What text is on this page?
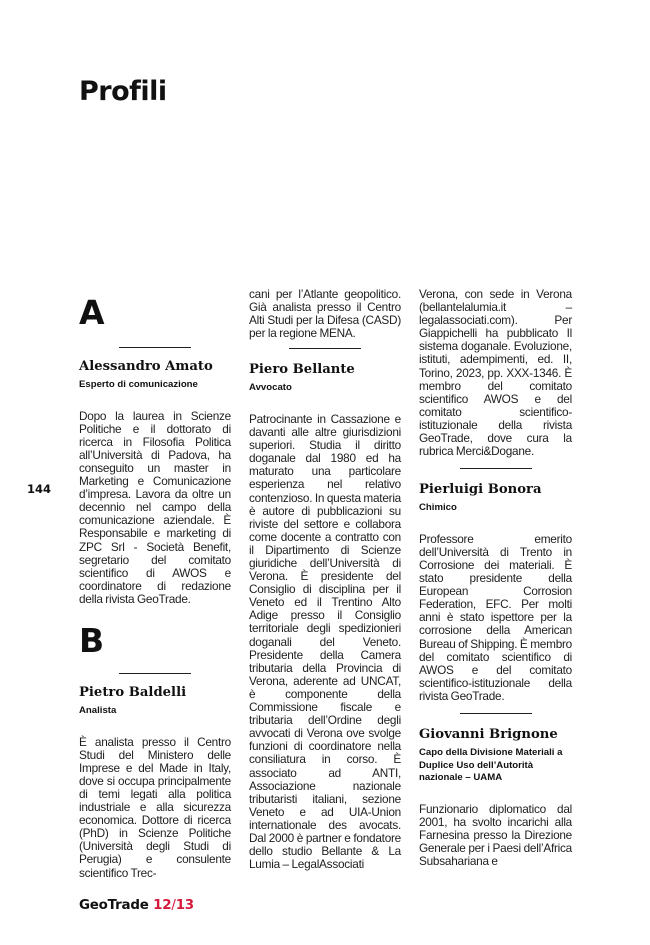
Profili
144
A
Alessandro Amato
Esperto di comunicazione

Dopo la laurea in Scienze Politiche e il dottorato di ricerca in Filosofia Politica all’Università di Padova, ha conseguito un master in Marketing e Comunicazione d’impresa. Lavora da oltre un decennio nel campo della comunicazione aziendale. È Responsabile e marketing di ZPC Srl - Società Benefit, segretario del comitato scientifico di AWOS e coordinatore di redazione della rivista GeoTrade.

B
Pietro Baldelli
Analista

È analista presso il Centro Studi del Ministero delle Imprese e del Made in Italy, dove si occupa principalmente di temi legati alla politica industriale e alla sicurezza economica. Dottore di ricerca (PhD) in Scienze Politiche (Università degli Studi di Perugia) e consulente scientifico Trec-

cani per l’Atlante geopolitico. Già analista presso il Centro Alti Studi per la Difesa (CASD) per la regione MENA.

Piero Bellante
Avvocato

Patrocinante in Cassazione e davanti alle altre giurisdizioni superiori. Studia il diritto doganale dal 1980 ed ha maturato una particolare esperienza nel relativo contenzioso. In questa materia è autore di pubblicazioni su riviste del settore e collabora come docente a contratto con il Dipartimento di Scienze giuridiche dell’Università di Verona. È presidente del Consiglio di disciplina per il Veneto ed il Trentino Alto Adige presso il Consiglio territoriale degli spedizionieri doganali del Veneto. Presidente della Camera tributaria della Provincia di Verona, aderente ad UNCAT, è componente della Commissione fiscale e tributaria dell’Ordine degli avvocati di Verona ove svolge funzioni di coordinatore nella consiliatura in corso. È associato ad ANTI, Associazione nazionale tributaristi italiani, sezione Veneto e ad UIA-Union internationale des avocats. Dal 2000 è partner e fondatore dello studio Bellante & La Lumia – LegalAssociati

Verona, con sede in Verona (bellantelalumia.it – legalassociati.com). Per Giappichelli ha pubblicato Il sistema doganale. Evoluzione, istituti, adempimenti, ed. II, Torino, 2023, pp. XXX-1346. È membro del comitato scientifico AWOS e del comitato scientifico-istituzionale della rivista GeoTrade, dove cura la rubrica Merci&Dogane.

Pierluigi Bonora
Chimico

Professore emerito dell’Università di Trento in Corrosione dei materiali. È stato presidente della European Corrosion Federation, EFC. Per molti anni è stato ispettore per la corrosione della American Bureau of Shipping. È membro del comitato scientifico di AWOS e del comitato scientifico-istituzionale della rivista GeoTrade.

Giovanni Brignone
Capo della Divisione Materiali a Duplice Uso dell’Autorità nazionale – UAMA

Funzionario diplomatico dal 2001, ha svolto incarichi alla Farnesina presso la Direzione Generale per i Paesi dell’Africa Subsahariana e

GeoTrade 12/13
